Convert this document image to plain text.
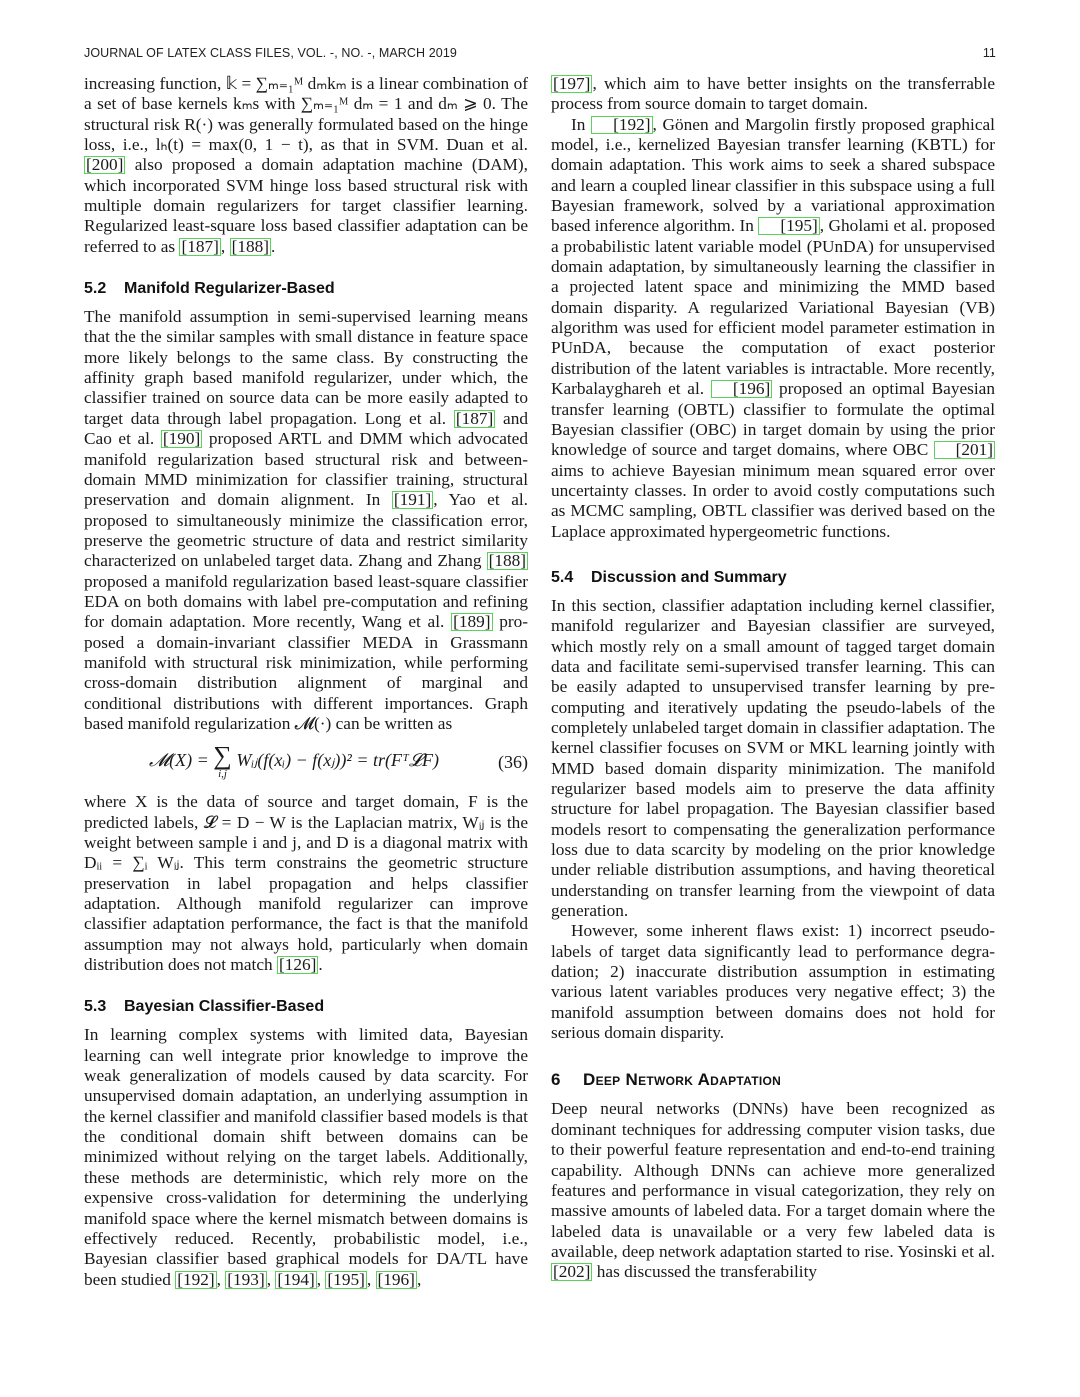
JOURNAL OF LATEX CLASS FILES, VOL. -, NO. -, MARCH 2019	11

increasing function, 𝕜 = ∑ₘ₌₁ᴹ dₘkₘ is a linear combination of a set of base kernels kₘs with ∑ₘ₌₁ᴹ dₘ = 1 and dₘ ⩾ 0. The structural risk R(·) was generally formulated based on the hinge loss, i.e., lₕ(t) = max(0, 1 − t), as that in SVM. Duan et al. [200] also proposed a domain adaptation machine (DAM), which incorporated SVM hinge loss based structural risk with multiple domain regularizers for target classifier learning. Regularized least-square loss based classifier adaptation can be referred to as [187] , [188] .

5.2 Manifold Regularizer-Based

The manifold assumption in semi-supervised learning means that the the similar samples with small distance in feature space more likely belongs to the same class. By constructing the affinity graph based manifold regularizer, under which, the classifier trained on source data can be more easily adapted to target data through label propagation. Long et al. [187] and Cao et al. [190] proposed ARTL and DMM which advocated manifold regularization based structural risk and between-domain MMD minimization for classifier training, structural preservation and domain alignment. In [191] , Yao et al. proposed to simultaneously minimize the classification error, preserve the geometric structure of data and restrict similarity characterized on unlabeled target data. Zhang and Zhang [188] proposed a manifold regularization based least-square classifier EDA on both domains with label pre-computation and refining for domain adaptation. More recently, Wang et al. [189] proposed a domain-invariant classifier MEDA in Grassmann manifold with structural risk minimization, while performing cross-domain distribution alignment of marginal and conditional distributions with different importances. Graph based manifold regularization 𝓜(·) can be written as

𝓜(X) = ∑
i,j
Wᵢⱼ(f(xᵢ) − f(xⱼ))² = tr(Fᵀ𝓛F)	(36)

where X is the data of source and target domain, F is the predicted labels, 𝓛 = D − W is the Laplacian matrix, Wᵢⱼ is the weight between sample i and j, and D is a diagonal matrix with Dᵢᵢ = ∑ᵢ Wᵢⱼ. This term constrains the geometric structure preservation in label propagation and helps classifier adaptation. Although manifold regularizer can improve classifier adaptation performance, the fact is that the manifold assumption may not always hold, particularly when domain distribution does not match [126] .

5.3 Bayesian Classifier-Based

In learning complex systems with limited data, Bayesian learning can well integrate prior knowledge to improve the weak generalization of models caused by data scarcity. For unsupervised domain adaptation, an underlying assumption in the kernel classifier and manifold classifier based models is that the conditional domain shift between domains can be minimized without relying on the target labels. Additionally, these methods are deterministic, which rely more on the expensive cross-validation for determining the underlying manifold space where the kernel mismatch between domains is effectively reduced. Recently, probabilistic model, i.e., Bayesian classifier based graphical models for DA/TL have been studied [192] , [193] , [194] , [195] , [196] ,

[197] , which aim to have better insights on the transferrable process from source domain to target domain.

In [192] , Gönen and Margolin firstly proposed graphical model, i.e., kernelized Bayesian transfer learning (KBTL) for domain adaptation. This work aims to seek a shared subspace and learn a coupled linear classifier in this subspace using a full Bayesian framework, solved by a variational approximation based inference algorithm. In [195] , Gholami et al. proposed a probabilistic latent variable model (PUnDA) for unsupervised domain adaptation, by simultaneously learning the classifier in a projected latent space and minimizing the MMD based domain disparity. A regularized Variational Bayesian (VB) algorithm was used for efficient model parameter estimation in PUnDA, because the computation of exact posterior distribution of the latent variables is intractable. More recently, Karbalayghareh et al. [196] proposed an optimal Bayesian transfer learning (OBTL) classifier to formulate the optimal Bayesian classifier (OBC) in target domain by using the prior knowledge of source and target domains, where OBC [201] aims to achieve Bayesian minimum mean squared error over uncertainty classes. In order to avoid costly computations such as MCMC sampling, OBTL classifier was derived based on the Laplace approximated hypergeometric functions.

5.4 Discussion and Summary

In this section, classifier adaptation including kernel classifier, manifold regularizer and Bayesian classifier are surveyed, which mostly rely on a small amount of tagged target domain data and facilitate semi-supervised transfer learning. This can be easily adapted to unsupervised transfer learning by pre-computing and iteratively updating the pseudo-labels of the completely unlabeled target domain in classifier adaptation. The kernel classifier focuses on SVM or MKL learning jointly with MMD based domain disparity minimization. The manifold regularizer based models aim to preserve the data affinity structure for label propagation. The Bayesian classifier based models resort to compensating the generalization performance loss due to data scarcity by modeling on the prior knowledge under reliable distribution assumptions, and having theoretical understanding on transfer learning from the viewpoint of data generation.

However, some inherent flaws exist: 1) incorrect pseudo-labels of target data significantly lead to performance degradation; 2) inaccurate distribution assumption in estimating various latent variables produces very negative effect; 3) the manifold assumption between domains does not hold for serious domain disparity.

6 Deep Network Adaptation

Deep neural networks (DNNs) have been recognized as dominant techniques for addressing computer vision tasks, due to their powerful feature representation and end-to-end training capability. Although DNNs can achieve more generalized features and performance in visual categorization, they rely on massive amounts of labeled data. For a target domain where the labeled data is unavailable or a very few labeled data is available, deep network adaptation started to rise. Yosinski et al. [202] has discussed the transferability
